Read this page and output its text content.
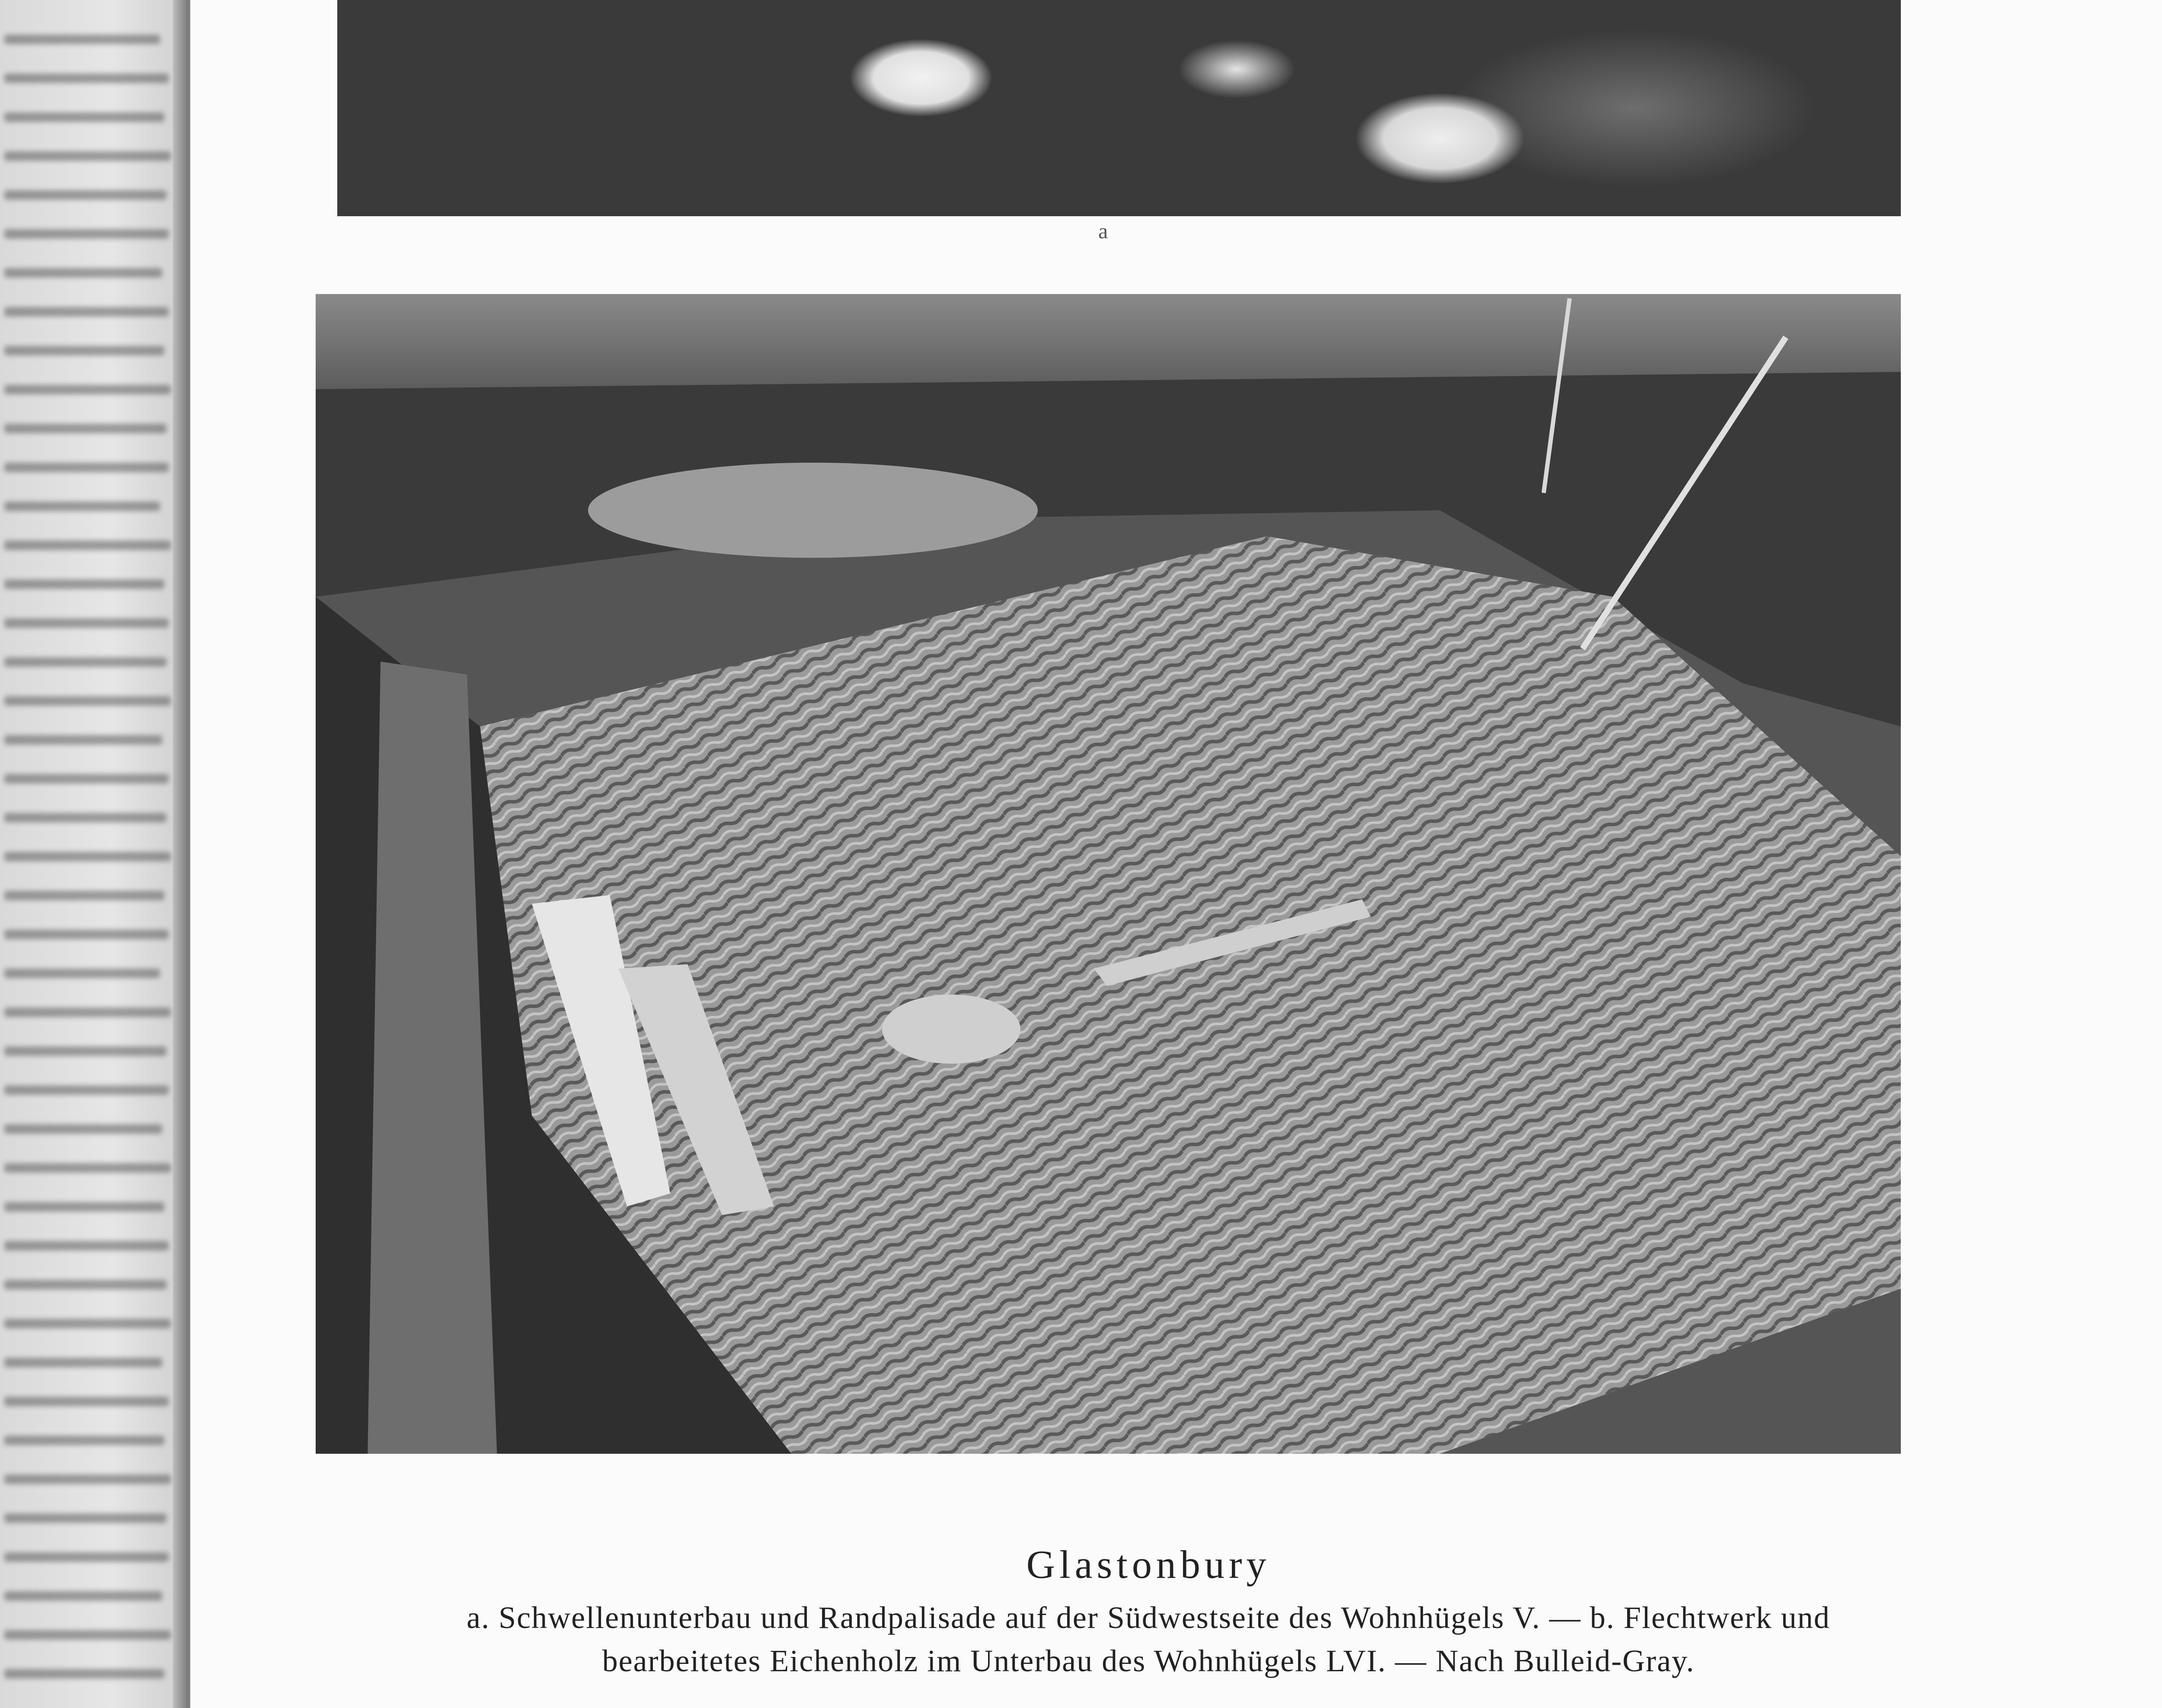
a
Glastonbury
a. Schwellenunterbau und Randpalisade auf der Südwestseite des Wohnhügels V. — b. Flechtwerk und
bearbeitetes Eichenholz im Unterbau des Wohnhügels LVI. — Nach Bulleid-Gray.
